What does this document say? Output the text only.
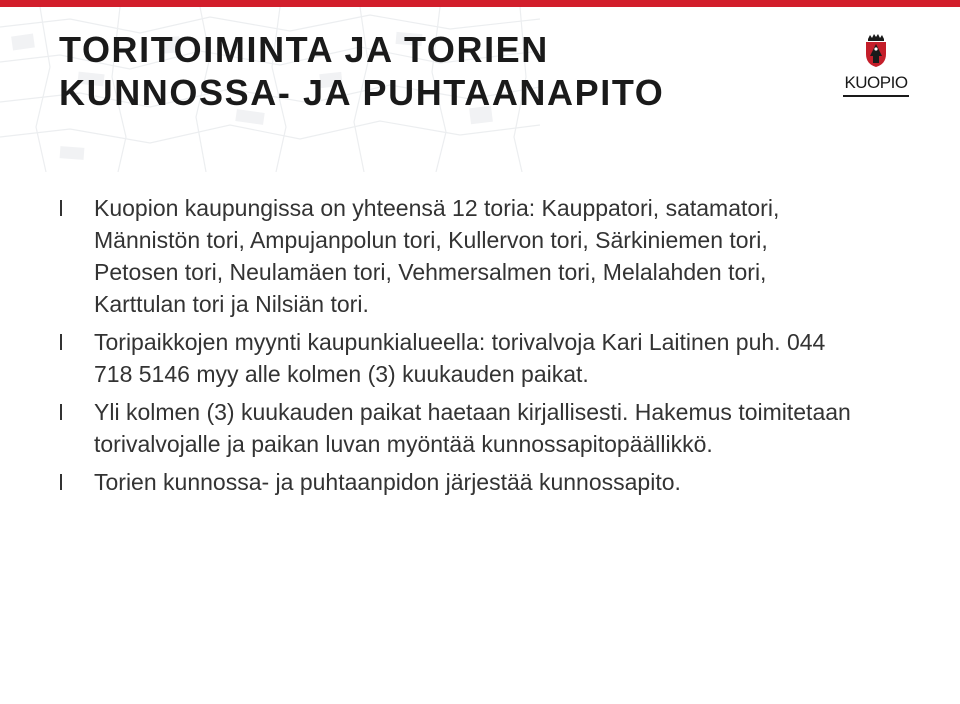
TORITOIMINTA JA TORIEN
KUNNOSSA- JA PUHTAANAPITO	KUOPIO
Kuopion kaupungissa on yhteensä 12 toria: Kauppatori, satamatori, Männistön tori, Ampujanpolun tori, Kullervon tori, Särkiniemen tori, Petosen tori, Neulamäen tori, Vehmersalmen tori, Melalahden tori, Karttulan tori ja Nilsiän tori.
Toripaikkojen myynti kaupunkialueella: torivalvoja Kari Laitinen puh. 044 718 5146 myy alle kolmen (3) kuukauden paikat.
Yli kolmen (3) kuukauden paikat haetaan kirjallisesti. Hakemus toimitetaan torivalvojalle ja paikan luvan myöntää kunnossapitopäällikkö.
Torien kunnossa- ja puhtaanpidon järjestää kunnossapito.
